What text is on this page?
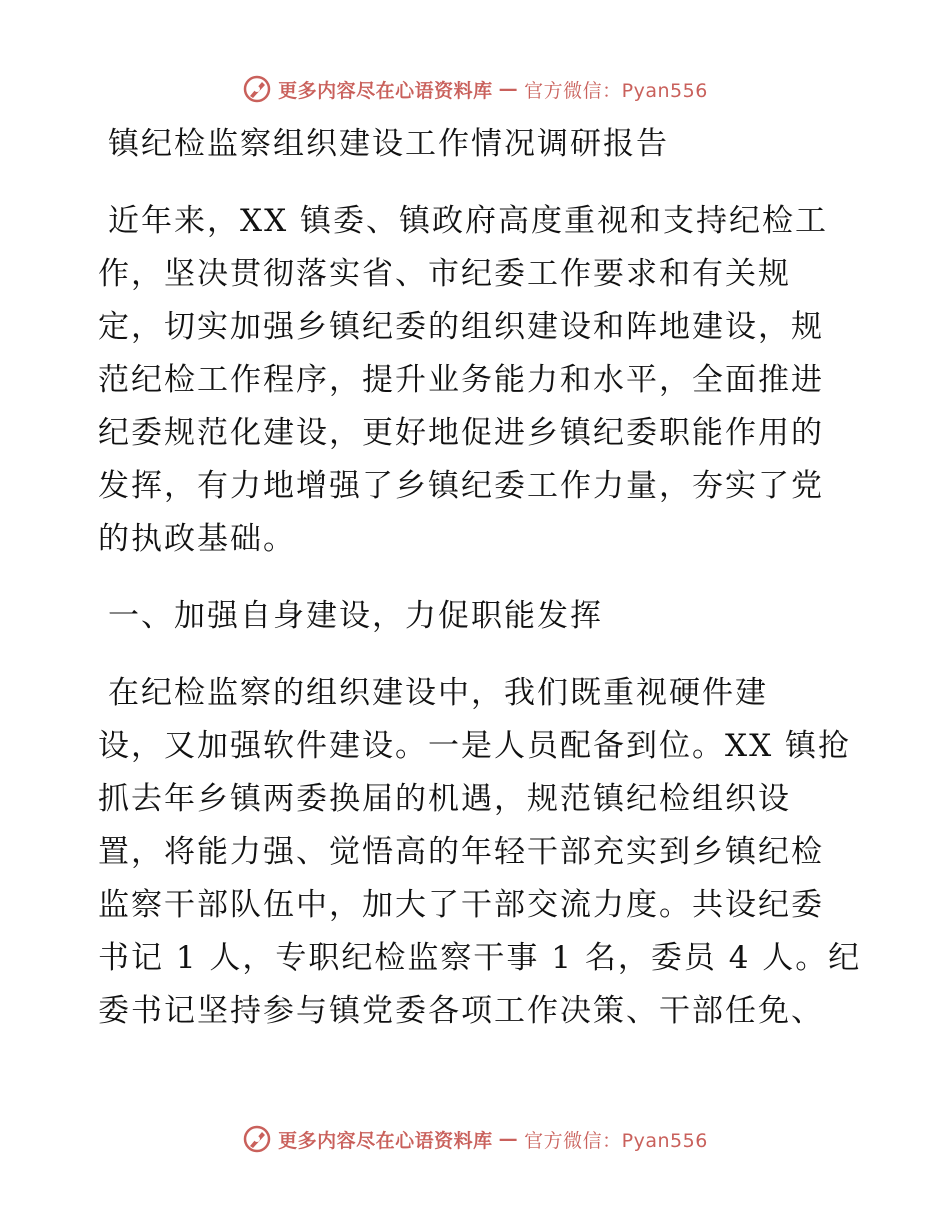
更多内容尽在心语资料库 — 官方微信：Pyan556
镇纪检监察组织建设工作情况调研报告
近年来，XX 镇委、镇政府高度重视和支持纪检工
作，坚决贯彻落实省、市纪委工作要求和有关规
定，切实加强乡镇纪委的组织建设和阵地建设，规
范纪检工作程序，提升业务能力和水平，全面推进
纪委规范化建设，更好地促进乡镇纪委职能作用的
发挥，有力地增强了乡镇纪委工作力量，夯实了党
的执政基础。
一、加强自身建设，力促职能发挥
在纪检监察的组织建设中，我们既重视硬件建
设，又加强软件建设。一是人员配备到位。XX 镇抢
抓去年乡镇两委换届的机遇，规范镇纪检组织设
置，将能力强、觉悟高的年轻干部充实到乡镇纪检
监察干部队伍中，加大了干部交流力度。共设纪委
书记 1 人，专职纪检监察干事 1 名，委员 4 人。纪
委书记坚持参与镇党委各项工作决策、干部任免、
更多内容尽在心语资料库 — 官方微信：Pyan556
